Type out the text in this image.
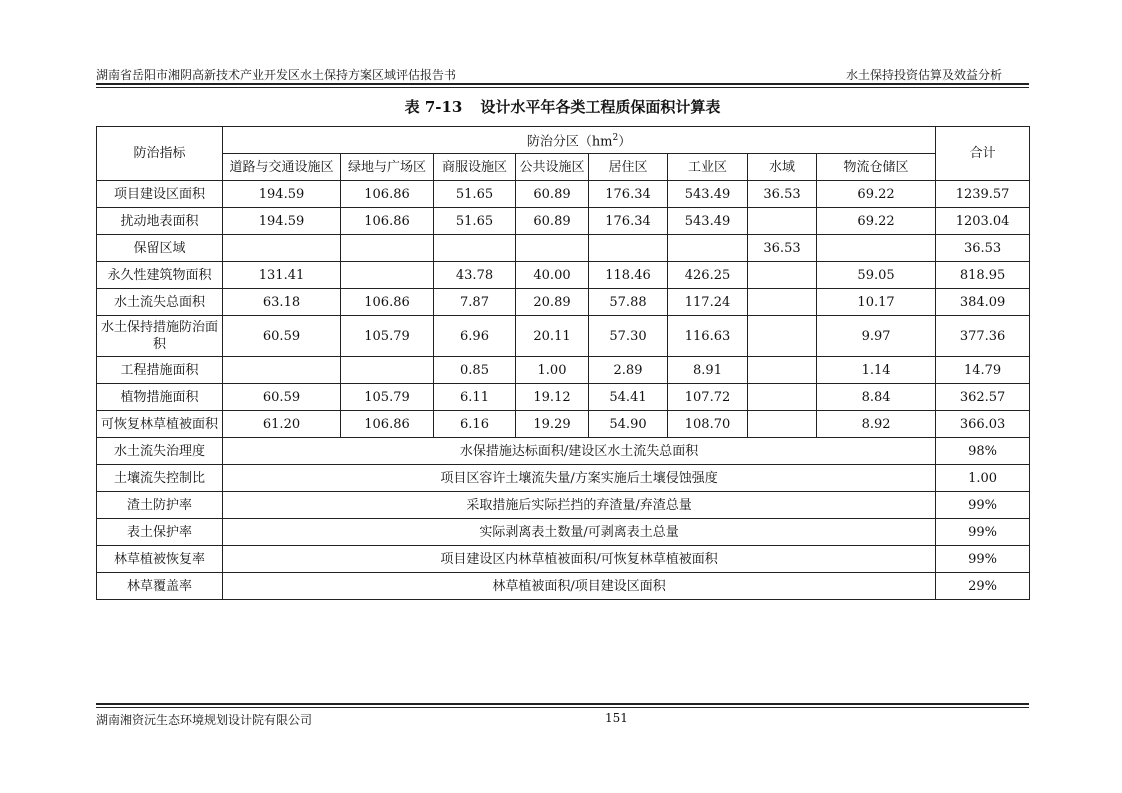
湖南省岳阳市湘阴高新技术产业开发区水土保持方案区域评估报告书	水土保持投资估算及效益分析
表 7-13 设计水平年各类工程质保面积计算表
防治指标	防治分区$(hm^2)$								合计
	道路与交通设施区	绿地与广场区	商服设施区	公共设施区	居住区	工业区	水域	物流仓储区	
项目建设区面积	194.59	106.86	51.65	60.89	176.34	543.49	36.53	69.22	1239.57
扰动地表面积	194.59	106.86	51.65	60.89	176.34	543.49		69.22	1203.04
保留区域							36.53		36.53
永久性建筑物面积	131.41		43.78	40.00	118.46	426.25		59.05	818.95
水土流失总面积	63.18	106.86	7.87	20.89	57.88	117.24		10.17	384.09
水土保持措施防治面积	60.59	105.79	6.96	20.11	57.30	116.63		9.97	377.36
工程措施面积			0.85	1.00	2.89	8.91		1.14	14.79
植物措施面积	60.59	105.79	6.11	19.12	54.41	107.72		8.84	362.57
可恢复林草植被面积	61.20	106.86	6.16	19.29	54.90	108.70		8.92	366.03
水土流失治理度	水保措施达标面积/建设区水土流失总面积								98%
土壤流失控制比	项目区容许土壤流失量/方案实施后土壤侵蚀强度								1.00
渣土防护率	采取措施后实际拦挡的弃渣量/弃渣总量								99%
表土保护率	实际剥离表土数量/可剥离表土总量								99%
林草植被恢复率	项目建设区内林草植被面积/可恢复林草植被面积								99%
林草覆盖率	林草植被面积/项目建设区面积								29%
湖南湘资沅生态环境规划设计院有限公司	151
